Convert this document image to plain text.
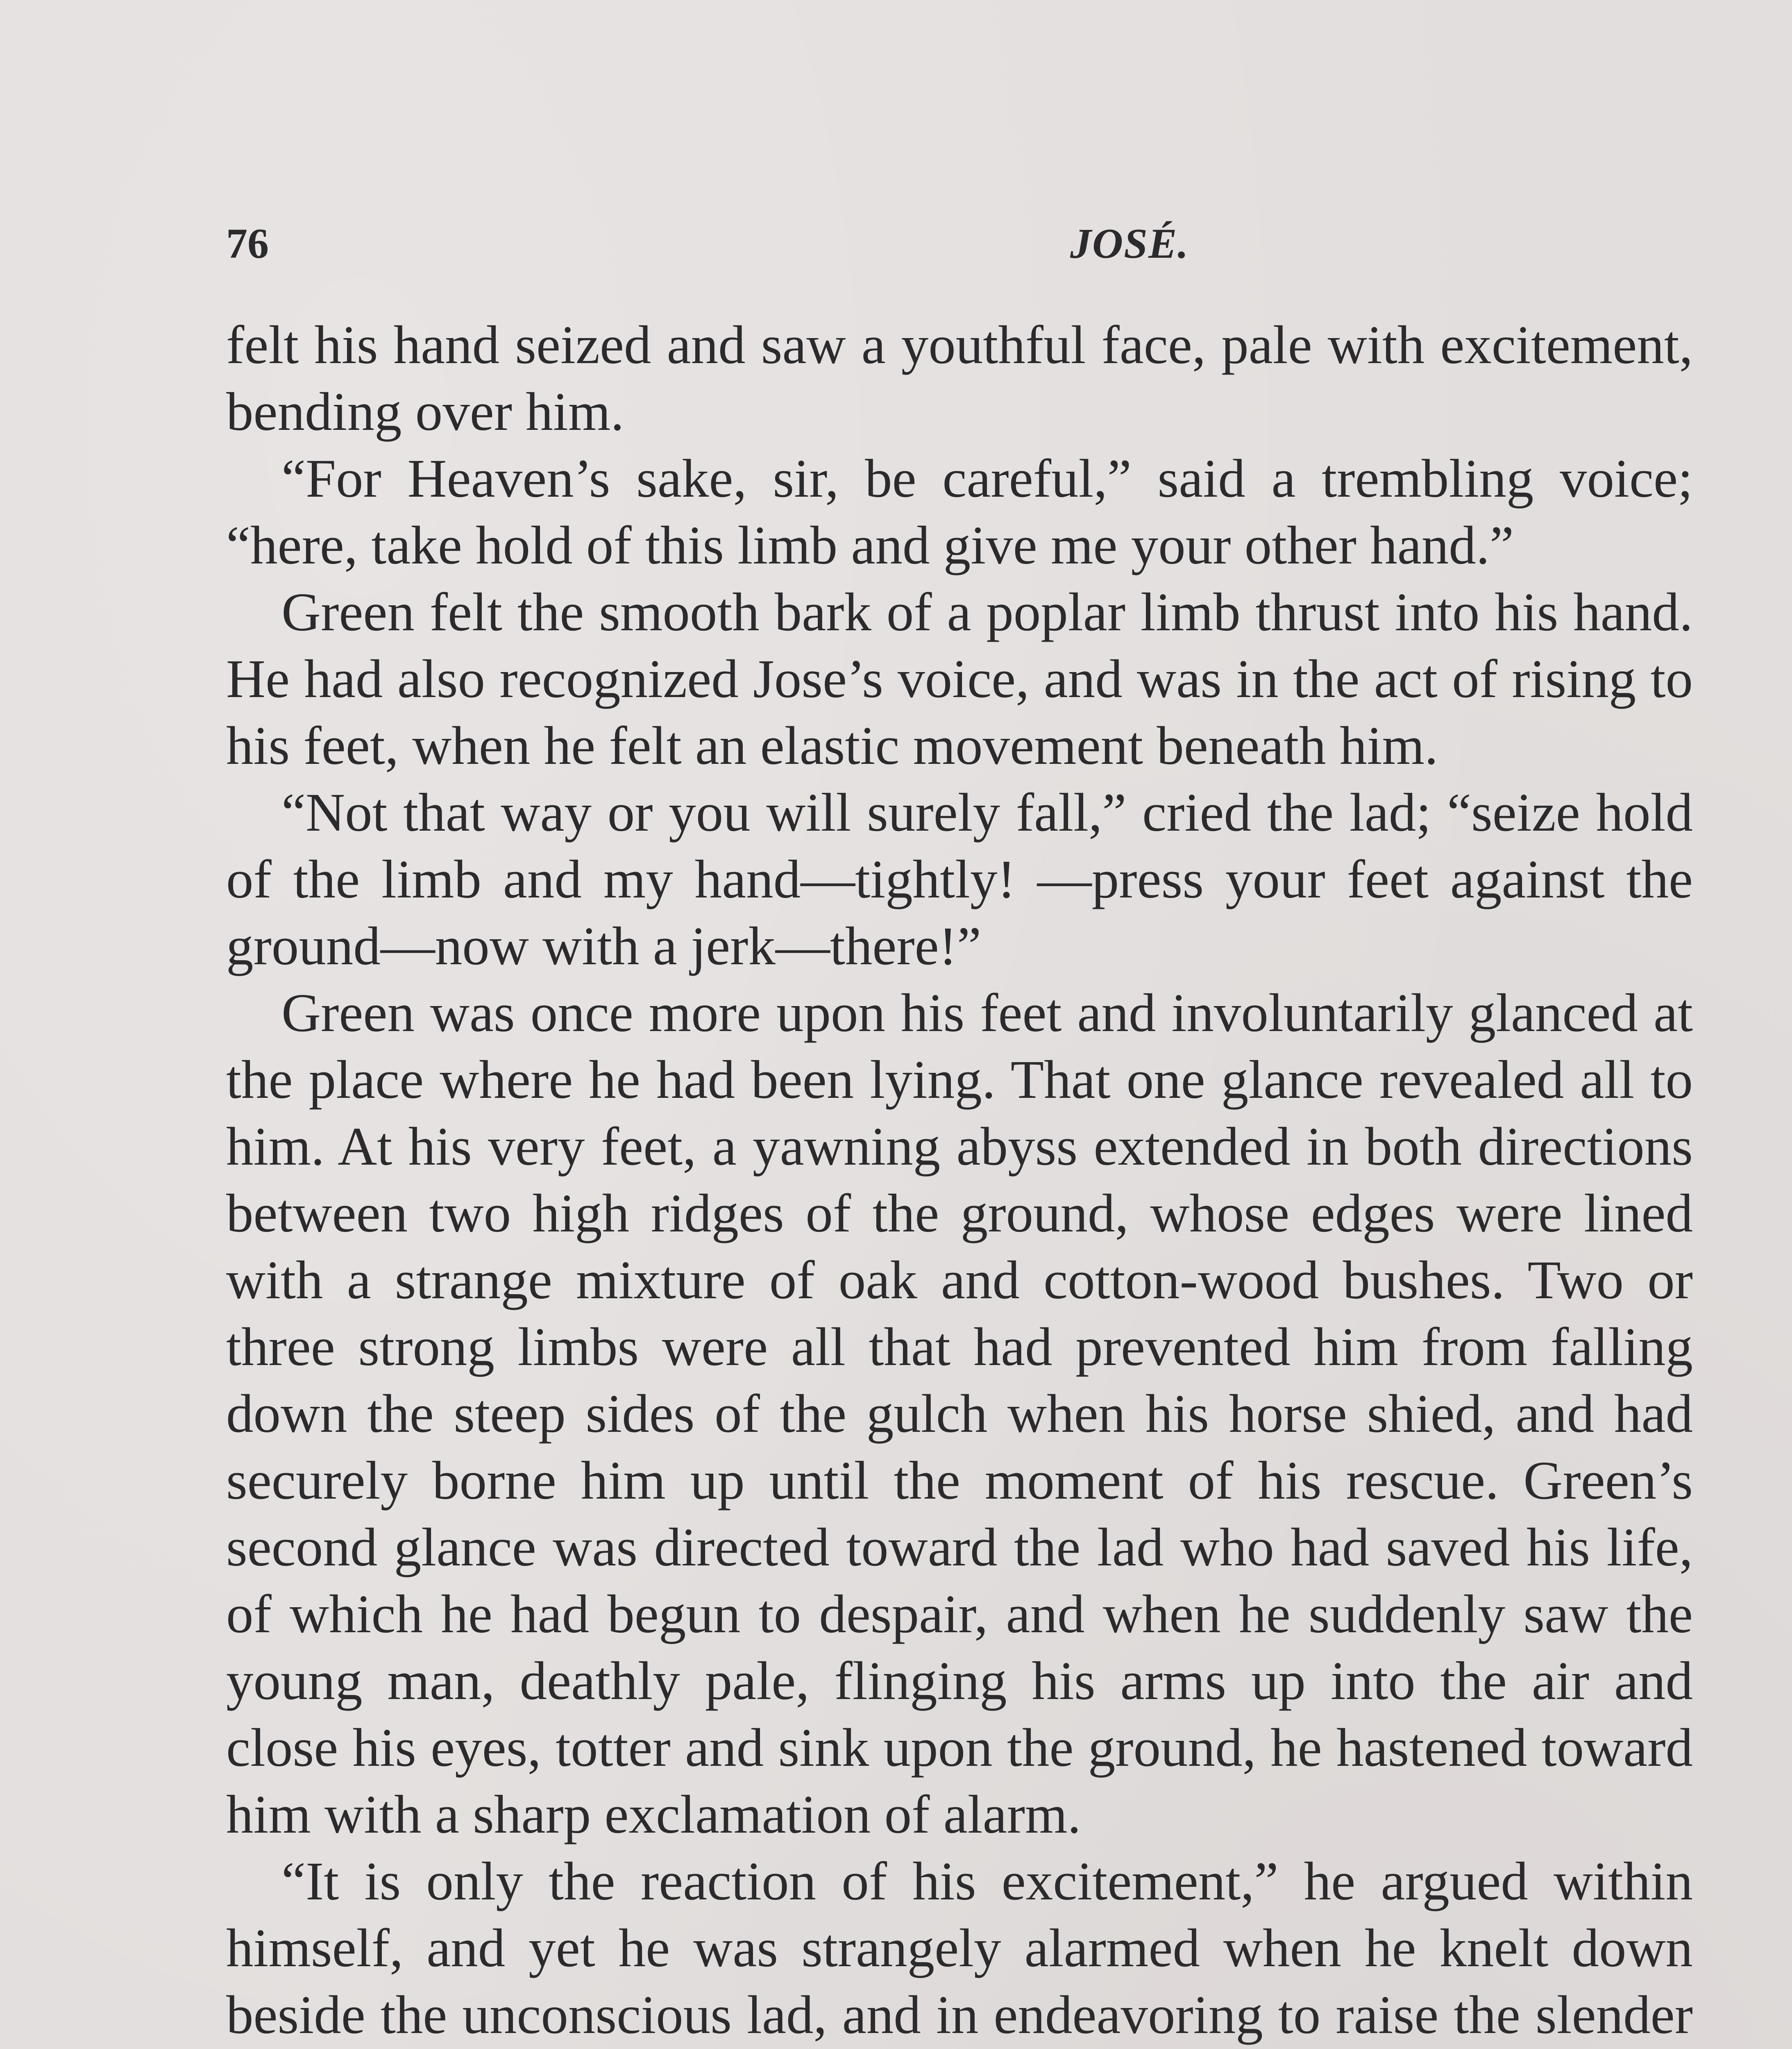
76	JOSÉ.

felt his hand seized and saw a youthful face, pale with excitement, bending over him.

“For Heaven’s sake, sir, be careful,” said a trembling voice; “here, take hold of this limb and give me your other hand.”

Green felt the smooth bark of a poplar limb thrust into his hand. He had also recognized Jose’s voice, and was in the act of rising to his feet, when he felt an elastic movement beneath him.

“Not that way or you will surely fall,” cried the lad; “seize hold of the limb and my hand—tightly! —press your feet against the ground—now with a jerk—there!”

Green was once more upon his feet and involuntarily glanced at the place where he had been lying. That one glance revealed all to him. At his very feet, a yawning abyss extended in both directions between two high ridges of the ground, whose edges were lined with a strange mixture of oak and cotton-wood bushes. Two or three strong limbs were all that had prevented him from falling down the steep sides of the gulch when his horse shied, and had securely borne him up until the moment of his rescue. Green’s second glance was directed toward the lad who had saved his life, of which he had begun to despair, and when he suddenly saw the young man, deathly pale, flinging his arms up into the air and close his eyes, totter and sink upon the ground, he hastened toward him with a sharp exclamation of alarm.

“It is only the reaction of his excitement,” he argued within himself, and yet he was strangely alarmed when he knelt down beside the unconscious lad, and in endeavoring to raise the slender
